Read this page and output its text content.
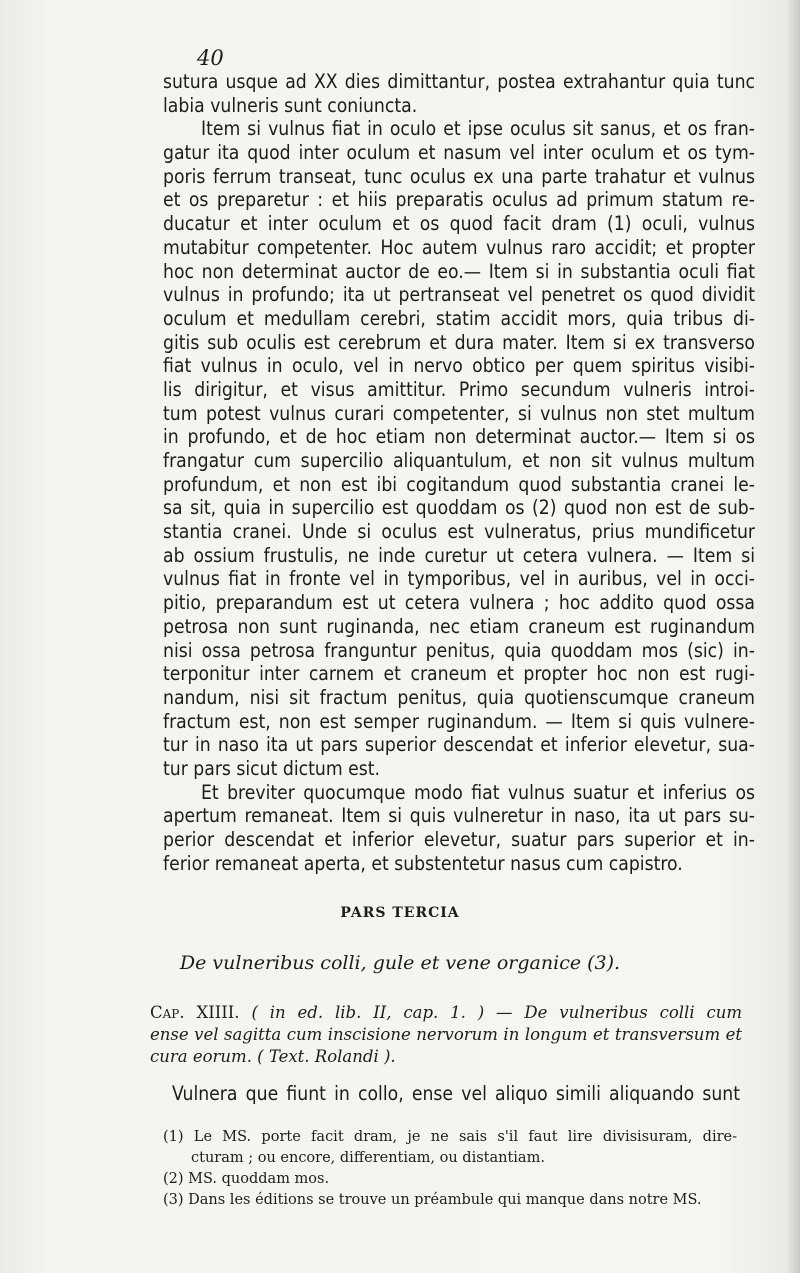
40
sutura usque ad XX dies dimittantur, postea extrahantur quia tunc
labia vulneris sunt coniuncta.
Item si vulnus fiat in oculo et ipse oculus sit sanus, et os fran-
gatur ita quod inter oculum et nasum vel inter oculum et os tym-
poris ferrum transeat, tunc oculus ex una parte trahatur et vulnus
et os preparetur : et hiis preparatis oculus ad primum statum re-
ducatur et inter oculum et os quod facit dram (1) oculi, vulnus
mutabitur competenter. Hoc autem vulnus raro accidit; et propter
hoc non determinat auctor de eo.— Item si in substantia oculi fiat
vulnus in profundo; ita ut pertranseat vel penetret os quod dividit
oculum et medullam cerebri, statim accidit mors, quia tribus di-
gitis sub oculis est cerebrum et dura mater. Item si ex transverso
fiat vulnus in oculo, vel in nervo obtico per quem spiritus visibi-
lis dirigitur, et visus amittitur. Primo secundum vulneris introi-
tum potest vulnus curari competenter, si vulnus non stet multum
in profundo, et de hoc etiam non determinat auctor.— Item si os
frangatur cum supercilio aliquantulum, et non sit vulnus multum
profundum, et non est ibi cogitandum quod substantia cranei le-
sa sit, quia in supercilio est quoddam os (2) quod non est de sub-
stantia cranei. Unde si oculus est vulneratus, prius mundificetur
ab ossium frustulis, ne inde curetur ut cetera vulnera. — Item si
vulnus fiat in fronte vel in tymporibus, vel in auribus, vel in occi-
pitio, preparandum est ut cetera vulnera ; hoc addito quod ossa
petrosa non sunt ruginanda, nec etiam craneum est ruginandum
nisi ossa petrosa franguntur penitus, quia quoddam mos (sic) in-
terponitur inter carnem et craneum et propter hoc non est rugi-
nandum, nisi sit fractum penitus, quia quotienscumque craneum
fractum est, non est semper ruginandum. — Item si quis vulnere-
tur in naso ita ut pars superior descendat et inferior elevetur, sua-
tur pars sicut dictum est.
Et breviter quocumque modo fiat vulnus suatur et inferius os
apertum remaneat. Item si quis vulneretur in naso, ita ut pars su-
perior descendat et inferior elevetur, suatur pars superior et in-
ferior remaneat aperta, et substentetur nasus cum capistro.
PARS TERCIA
De vulneribus colli, gule et vene organice (3).
Cap. XIIII. ( in ed. lib. II, cap. 1. ) — De vulneribus colli cum
ense vel sagitta cum inscisione nervorum in longum et transversum et
cura eorum. ( Text. Rolandi ).
Vulnera que fiunt in collo, ense vel aliquo simili aliquando sunt
(1) Le MS. porte facit dram, je ne sais s'il faut lire divisisuram, dire-
cturam ; ou encore, differentiam, ou distantiam.
(2) MS. quoddam mos.
(3) Dans les éditions se trouve un préambule qui manque dans notre MS.
